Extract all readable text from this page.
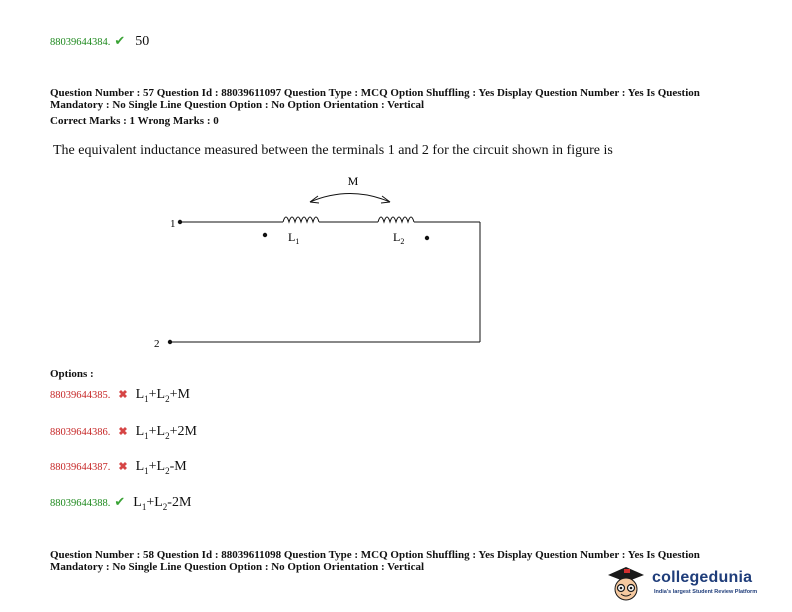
88039644384. ✔ 50
Question Number : 57 Question Id : 88039611097 Question Type : MCQ Option Shuffling : Yes Display Question Number : Yes Is Question
Mandatory : No Single Line Question Option : No Option Orientation : Vertical
Correct Marks : 1 Wrong Marks : 0
The equivalent inductance measured between the terminals 1 and 2 for the circuit shown in figure is
M
1
$L_1$	$L_2$
2
Options :
88039644385. ✖ $L_1+L_2+M$
88039644386. ✖ $L_1+L_2+2M$
88039644387. ✖ $L_1+L_2-M$
88039644388. ✔ $L_1+L_2-2M$
Question Number : 58 Question Id : 88039611098 Question Type : MCQ Option Shuffling : Yes Display Question Number : Yes Is Question
Mandatory : No Single Line Question Option : No Option Orientation : Vertical
collegedunia
India's largest Student Review Platform
